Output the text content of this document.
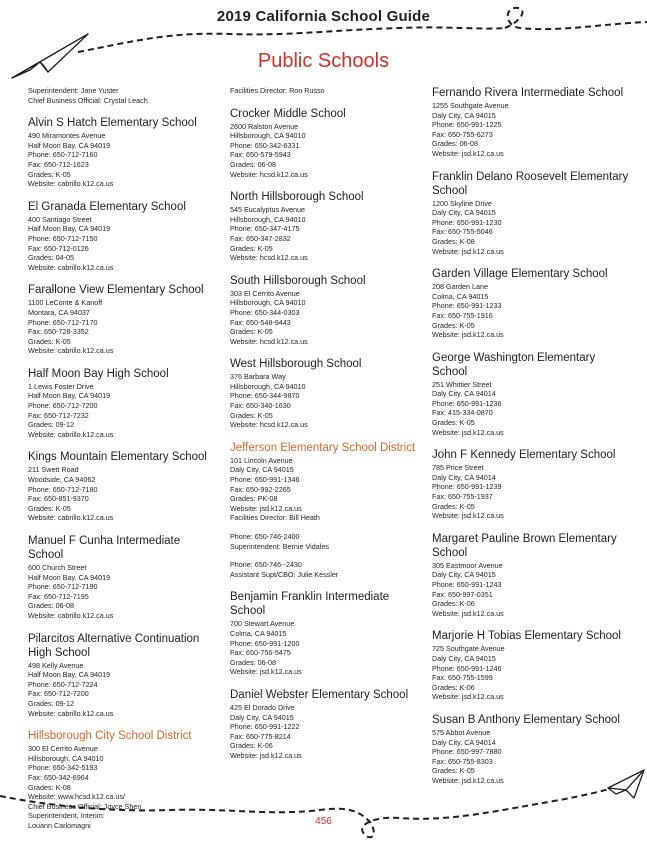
2019 California School Guide
Public Schools
Superintendent: Jane Yuster
Chief Business Official: Crystal Leach
Alvin S Hatch Elementary School
490 Miramontes Avenue
Half Moon Bay, CA 94019
Phone: 650-712-7160
Fax: 650-712-1623
Grades: K-05
Website: cabrillo.k12.ca.us
El Granada Elementary School
400 Santiago Street
Half Moon Bay, CA 94019
Phone: 650-712-7150
Fax: 650-712-0126
Grades: 04-05
Website: cabrillo.k12.ca.us
Farallone View Elementary School
1100 LeConte & Kanoff
Montara, CA 94037
Phone: 650-712-7170
Fax: 650-728-3352
Grades: K-05
Website: cabrillo.k12.ca.us
Half Moon Bay High School
1 Lewis Foster Drive
Half Moon Bay, CA 94019
Phone: 650-712-7200
Fax: 650-712-7232
Grades: 09-12
Website: cabrillo.k12.ca.us
Kings Mountain Elementary School
211 Swett Road
Woodside, CA 94062
Phone: 650-712-7180
Fax: 650-851-9370
Grades: K-05
Website: cabrillo.k12.ca.us
Manuel F Cunha Intermediate School
600 Church Street
Half Moon Bay, CA 94019
Phone: 650-712-7190
Fax: 650-712-7195
Grades: 06-08
Website: cabrillo.k12.ca.us
Pilarcitos Alternative Continuation High School
498 Kelly Avenue
Half Moon Bay, CA 94019
Phone: 650-712-7224
Fax: 650-712-7200
Grades: 09-12
Website: cabrillo.k12.ca.us
Hillsborough City School District
300 El Cerrito Avenue
Hillsborough, CA 94010
Phone: 650-342-5193
Fax: 650-342-6964
Grades: K-08
Website: www.hcsd.k12.ca.us/
Chief Business Official: Joyce Shen
Superintendent, Interim:
Louann Carlomagni
Facilities Director: Ron Russo
Crocker Middle School
2600 Ralston Avenue
Hillsborough, CA 94010
Phone: 650-342-6331
Fax: 650-579-5943
Grades: 06-08
Website: hcsd.k12.ca.us
North Hillsborough School
545 Eucalyptus Avenue
Hillsborough, CA 94010
Phone: 650-347-4175
Fax: 650-347-2832
Grades: K-05
Website: hcsd.k12.ca.us
South Hillsborough School
303 El Cerrito Avenue
Hillsborough, CA 94010
Phone: 650-344-0303
Fax: 650-548-9443
Grades: K-05
Website: hcsd.k12.ca.us
West Hillsborough School
376 Barbara Way
Hillsborough, CA 94010
Phone: 650-344-9870
Fax: 650-340-1630
Grades: K-05
Website: hcsd.k12.ca.us
Jefferson Elementary School District
101 Lincoln Avenue
Daly City, CA 94015
Phone: 650-991-1346
Fax: 650-992-2265
Grades: PK-08
Website: jsd.k12.ca.us
Facilities Director: Bill Heath
Phone: 650-746-2400
Superintendent: Bernie Vidales
Phone: 650-746--2430
Assistant Supt/CBO: Julie Kessler
Benjamin Franklin Intermediate School
700 Stewart Avenue
Colma, CA 94015
Phone: 650-991-1200
Fax: 650-756-5475
Grades: 06-08
Website: jsd.k12.ca.us
Daniel Webster Elementary School
425 El Dorado Drive
Daly City, CA 94015
Phone: 650-991-1222
Fax: 650-775-8214
Grades: K-06
Website: jsd.k12.ca.us
Fernando Rivera Intermediate School
1255 Southgate Avenue
Daly City, CA 94015
Phone: 650-991-1225
Fax: 650-755-6273
Grades: 06-08
Website: jsd.k12.ca.us
Franklin Delano Roosevelt Elementary School
1200 Skyline Drive
Daly City, CA 94015
Phone: 650-991-1230
Fax: 650-755-5046
Grades: K-08
Website: jsd.k12.ca.us
Garden Village Elementary School
208 Garden Lane
Colma, CA 94015
Phone: 650-991-1233
Fax: 650-755-1916
Grades: K-05
Website: jsd.k12.ca.us
George Washington Elementary School
251 Whittier Street
Daly City, CA 94014
Phone: 650-991-1236
Fax: 415-334-0870
Grades: K-05
Website: jsd.k12.ca.us
John F Kennedy Elementary School
785 Price Street
Daly City, CA 94014
Phone: 650-991-1239
Fax: 650-755-1937
Grades: K-05
Website: jsd.k12.ca.us
Margaret Pauline Brown Elementary School
305 Eastmoor Avenue
Daly City, CA 94015
Phone: 650-991-1243
Fax: 650-997-0351
Grades: K-06
Website: jsd.k12.ca.us
Marjorie H Tobias Elementary School
725 Southgate Avenue
Daly City, CA 94015
Phone: 650-991-1246
Fax: 650-755-1599
Grades: K-06
Website: jsd.k12.ca.us
Susan B Anthony Elementary School
575 Abbot Avenue
Daly City, CA 94014
Phone: 650-997-7880
Fax: 650-755-8303
Grades: K-05
Website: jsd.k12.ca.us
456
